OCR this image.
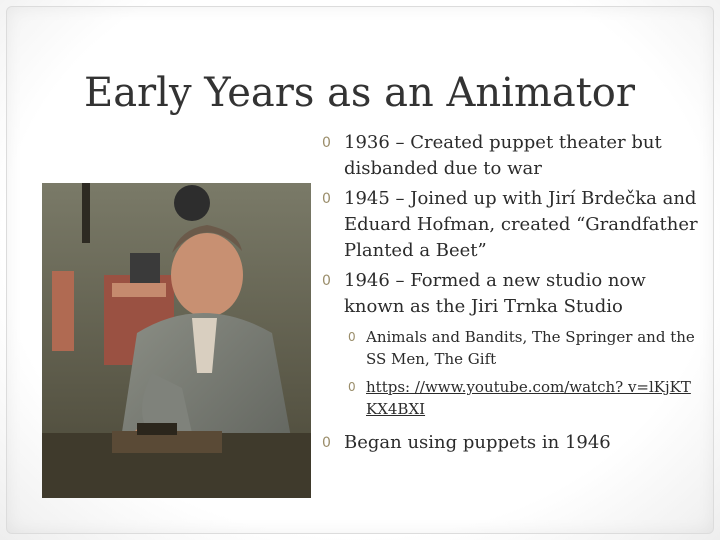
Early Years as an Animator
0 1936 – Created puppet theater but disbanded due to war
0 1945 – Joined up with Jirí Brdečka and Eduard Hofman, created “Grandfather Planted a Beet”
0 1946 – Formed a new studio now known as the Jiri Trnka Studio
0 Animals and Bandits, The Springer and the SS Men, The Gift
0 https: //www.youtube.com/watch? v=lKjKTKX4BXI
0 Began using puppets in 1946
